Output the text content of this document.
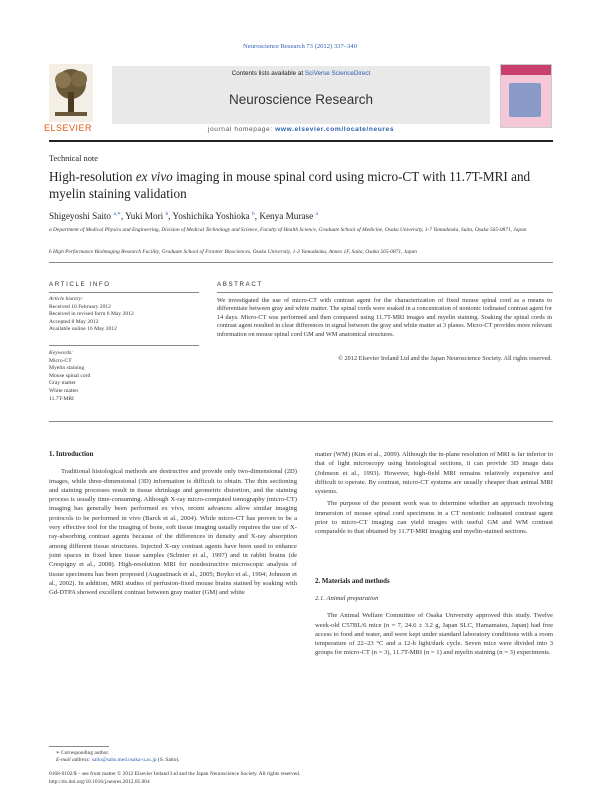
Neuroscience Research 73 (2012) 337–340
ELSEVIER
Contents lists available at SciVerse ScienceDirect
Neuroscience Research
journal homepage: www.elsevier.com/locate/neures
Technical note
High-resolution ex vivo imaging in mouse spinal cord using micro-CT with 11.7T-MRI and myelin staining validation
Shigeyoshi Saito $^{a,∗}$, Yuki Mori $^b$, Yoshichika Yoshioka $^b$, Kenya Murase $^a$
a Department of Medical Physics and Engineering, Division of Medical Technology and Science, Faculty of Health Science, Graduate School of Medicine, Osaka University, 1-7 Yamadaoka, Suita, Osaka 565-0871, Japan
b High Performance Biolmaging Research Facility, Graduate School of Frontier Biosciences, Osaka University, 1-3 Yamadaoka, Annex 1F, Suita, Osaka 565-0871, Japan
ARTICLE INFO
Article history:
Received 10 February 2012
Received in revised form 6 May 2012
Accepted 8 May 2012
Available online 16 May 2012
Keywords:
Micro-CT
Myelin staining
Mouse spinal cord
Gray matter
White matter
11.7T-MRI
ABSTRACT
We investigated the use of micro-CT with contrast agent for the characterization of fixed mouse spinal cord as a means to differentiate between gray and white matter. The spinal cords were soaked in a concentration of nonionic iodinated contrast agent for 14 days. Micro-CT was performed and then compared using 11.7T-MRI images and myelin staining. Soaking the spinal cords in contrast agent resulted in clear differences in signal between the gray and white matter at 3 planes. Micro-CT provides more relevant information on mouse spinal cord GM and WM anatomical structures.
© 2012 Elsevier Ireland Ltd and the Japan Neuroscience Society. All rights reserved.
1. Introduction

Traditional histological methods are destructive and provide only two-dimensional (2D) images, while three-dimensional (3D) information is difficult to obtain. The thin sectioning and staining processes result in tissue shrinkage and geometric distortion, and the staining process is usually time-consuming. Although X-ray micro-computed tomography (micro-CT) imaging has generally been performed ex vivo, recent advances allow similar imaging protocols to be performed in vivo (Barck et al., 2004). While micro-CT has proven to be a very effective tool for the imaging of bone, soft tissue imaging usually requires the use of X-ray-absorbing contrast agents because of the differences in density and X-ray absorption among different tissue structures. Injected X-ray contrast agents have been used to enhance joint spaces in fixed knee tissue samples (Schnier et al., 1997) and in rabbit brains (de Crespigny et al., 2008). High-resolution MRI for nondestructive microscopic analysis of tissue specimens has been proposed (Augustinack et al., 2005; Boyko et al., 1994; Johnson et al., 2002). In addition, MRI studies of perfusion-fixed mouse brains stained by soaking with Gd-DTPA showed excellent contrast between gray matter (GM) and white

matter (WM) (Kim et al., 2009). Although the in-plane resolution of MRI is far inferior to that of light microscopy using histological sections, it can provide 3D image data (Johnson et al., 1993). However, high-field MRI remains relatively expensive and difficult to operate. By contrast, micro-CT systems are usually cheaper than animal MRI systems.

The purpose of the present work was to determine whether an approach involving immersion of mouse spinal cord specimens in a CT nonionic iodinated contrast agent prior to micro-CT imaging can yield images with useful GM and WM contrast comparable to that obtained by 11.7T-MRI imaging and myelin-stained sections.

2. Materials and methods
2.1. Animal preparation

The Animal Welfare Committee of Osaka University approved this study. Twelve week-old C57BL/6 mice (n = 7, 24.6 ± 3.2 g, Japan SLC, Hamamatsu, Japan) had free access to food and water, and were kept under standard laboratory conditions with a room temperature of 22–23 °C and a 12-h light/dark cycle. Seven mice were divided into 3 groups for micro-CT (n = 3), 11.7T-MRI (n = 1) and myelin staining (n = 3) experiments.

∗ Corresponding author.
E-mail address: saito@sahs.med.osaka-u.ac.jp (S. Saito).
0168-0102/$ – see front matter © 2012 Elsevier Ireland Ltd and the Japan Neuroscience Society. All rights reserved.
http://dx.doi.org/10.1016/j.neures.2012.05.004
